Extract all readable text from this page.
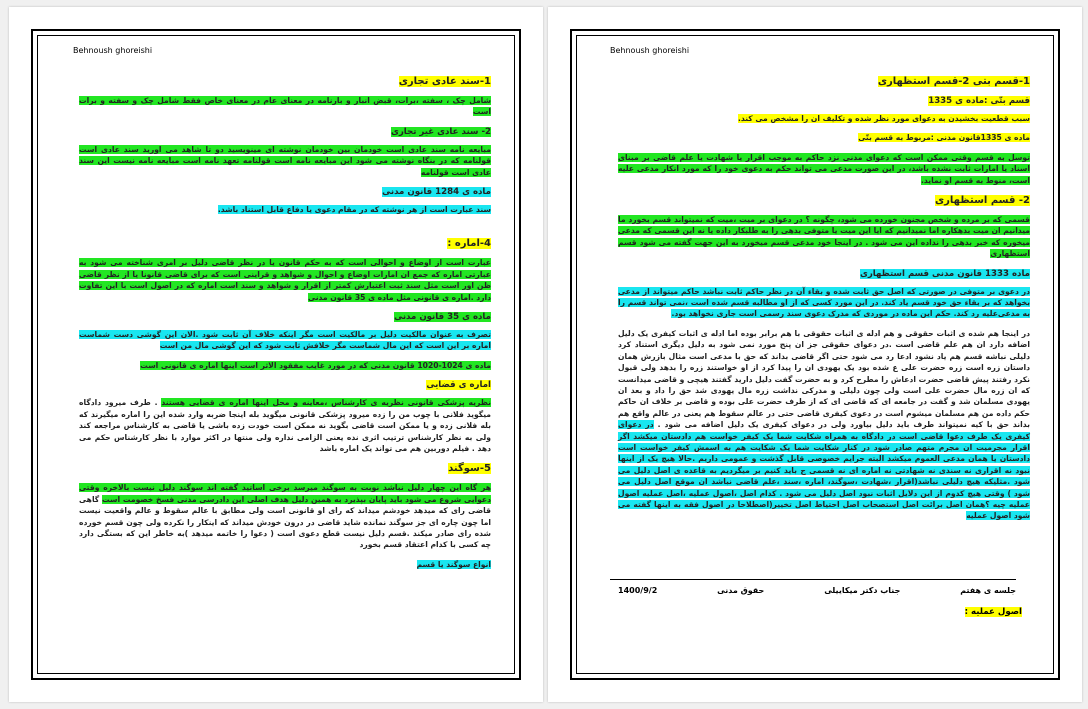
Behnoush ghoreishi
1-سند عادی تجاری
شامل چک ، سفته ،برات، قبض انبار و بارنامه در معنای عام در معنای خاص فقط شامل چک و سفته و برات است
2- سند عادی غیر تجاری
مبایعه نامه سند عادی است خودمان بین خودمان نوشته ای مینویسید دو تا شاهد می اورید سند عادی است قولنامه که در بنگاه نوشته می شود این مبایعه نامه است قولنامه تعهد نامه است مبایعه نامه نیست این سند عادی است قولنامه
ماده ی 1284 قانون مدنی
سند عبارت است از هر نوشته که در مقام دعوی یا دفاع قابل استناد باشد.
4-اماره :
عبارت است از اوضاع و احوالی است که به حکم قانون یا در نظر قاضی دلیل بر امری شناخته می شود به عبارتی اماره که جمع ان امارات اوضاع و احوال و شواهد و قراینی است که برای قاضی قانونا یا از نظر قاضی ظن اور است مثل سند ثبت اعتبارش کمتر از اقرار و شواهد و سند است اماره که در اصول است با این تفاوت دارد .اماره ی قانونی مثل ماده ی 35 قانون مدنی
ماده ی 35 قانون مدنی
تصرف به عنوان مالکیت دلیل بر مالکیت است مگر اینکه خلاف آن ثابت شود .الان این گوشی دست شماست اماره بر این است که این مال شماست مگر خلافش ثابت شود که این گوشی مال من است
ماده ی 1024-1020 قانون مدنی که در مورد غایب مفقود الاثر است اینها اماره ی قانونی است
اماره ی قضایی
نظریه پزشکی قانونی نظریه ی کارشناس ،معاینه و محل اینها اماره ی قضایی هستند . طرف میرود دادگاه میگوید فلانی با چوب من را زده میرود پزشکی قانونی میگوید بله اینجا ضربه وارد شده این را اماره میگیرند که بله فلانی زده و یا ممکن است قاضی بگوید نه ممکن است خودت زده باشی یا قاضی به کارشناس مراجعه کند ولی به نظر کارشناس ترتیب اثری نده یعنی الزامی نداره ولی منتها در اکثر موارد با نظر کارشناس حکم می دهد . فیلم دوربین هم می تواند یک اماره باشد
5-سوگند
هر گاه این چهار دلیل نباشد نوبت به سوگند میرسد برخی اساتید گفته اند سوگند دلیل نیست بالاخره وقتی دعوایی شروع می شود باید پایان بپذیرد به همین دلیل هدف اصلی این دادرسی مدنی فسخ خصومت است گاهی قاضی رای که میدهد خودشم میداند که رای او قانونی است ولی مطابق با عالم سقوط و عالم واقعیت نیست اما چون چاره ای جز سوگند نمانده شاید قاضی در درون خودش میداند که اینکار را نکرده ولی چون قسم خورده شده رای صادر میکند .قسم دلیل نیست قطع دعوی است ( دعوا را خاتمه میدهد )به خاطر این که بستگی دارد چه کسی با کدام اعتقاد قسم بخورد
انواع سوگند یا قسم
Behnoush ghoreishi
1-قسم بتی 2-قسم استظهاری
قسم بتّی :ماده ی 1335
سبب قطعیت بخشیدن به دعوای مورد نظر شده و تکلیف ان را مشخص می کند.
ماده ی 1335قانون مدنی :مربوط به قسم بتّی
توسل به قسم وقتی ممکن است که دعوای مدنی نزد حاکم به موجب اقرار یا شهادت یا علم قاضی بر مبنای اسناد یا امارات ثابت نشده باشد، در این صورت مدعی می تواند حکم به دعوی خود را که مورد انکار مدعی علیه است، منوط به قسم او نماید.
2- قسم استظهاری
قسمی که بر مرده و شخص مجنون خورده می شود، چگونه ؟ در دعوای بر میت ،میت که نمیتواند قسم بخورد ما میدانیم ان میت بدهکاره اما نمیدانیم که ایا این میت یا متوفی بدهی را به طلبکار داده یا نه این قسمی که مدعی میخوره که خبر بدهی را نداده این می شود . در اینجا خود مدعی قسم میخورد به این جهت گفته می شود قسم استظهاری
ماده 1333 قانون مدنی قسم استظهاری
در دعوی بر متوفی در صورتی که اصل حق ثابت شده و بقاء آن در نظر حاکم ثابت نباشد حاکم میتواند از مدعی بخواهد که بر بقاء حق خود قسم یاد کند. در این مورد کسی که از او مطالبه قسم شده است ،نمی تواند قسم را به مدعی‌علیه رد کند. حکم این ماده در موردی که مدرک دعوی سند رسمی است جاری نخواهد بود.
در اینجا هم شده ی اثبات حقوقی و هم ادله ی اثبات حقوقی با هم برابر بوده اما ادله ی اثبات کیفری یک دلیل اضافه دارد ان هم علم قاضی است .در دعوای حقوقی جز ان پنج مورد نمی شود به دلیل دیگری استناد کرد دلیلی نباشه قسم هم یاد نشود ادعا رد می شود حتی اگر قاضی بداند که حق با مدعی است مثال بازرش همان داستان زره است زره حضرت علی ع شده بود یک یهودی ان را پیدا کرد از او خواستند زره را بدهد ولی قبول نکرد رفتند پیش قاضی حضرت ادعاش را مطرح کرد و به حضرت گفت دلیل دارید گفتند هیچی و قاضی میدانست که ان زره مال حضرت علی است ولی چون دلیلی و مدرکی نداشت زره مال یهودی شد حق را داد و بعد ان یهودی مسلمان شد و گفت در جامعه ای که قاضی ای که از طرف حضرت علی بوده و قاضی بر خلاف ان حاکم حکم داده من هم مسلمان میشوم است در دعوی کیفری قاضی حتی در عالم سقوط هم یعنی در عالم واقع هم بداند حق با کیه نمیتواند طرف باید دلیل بیاورد ولی در دعوای کیفری یک دلیل اضافه می شود . در دعوای کیفری یک طرف دعوا قاضی است در دادگاه به همراه شکایت شما یک کیفر خواست هم دادستان میکشد اگر اقرار مجرمیت ان مجرم متهم صادر شود در کنار شکایت شما یک شکایت هم به اسمش کیفر خواست است دادستان یا همان مدعی العموم میکشد البته جرایم خصوصی قابل گذشت و عمومی داریم .حالا هیچ یک از اینها نبود نه اقراری نه سندی نه شهادتی نه اماره ای نه قسمی ج باید کنیم بر میگردیم به قاعده ی اصل دلیل می شود .مثلیکه هیچ دلیلی نباشد(اقرار ،شهادت ،سوگند، اماره ،سند ،علم قاضی نباشد ان موقع اصل دلیل می شود ) وقتی هیچ کدوم از این دلایل اثبات نبود اصل دلیل می شود . کدام اصل ،اصول عملیه ،اصل عملیه اصول عملیه چیه ؟همان اصل برائت اصل استصحاب اصل احتیاط اصل تخییر(اصطلاحا در اصول فقه به اینها گفته می شود اصول عملیه
جلسه ی هفتم
جناب دکتر میکاییلی
حقوق مدنی
1400/9/2
اصول عملیه :
